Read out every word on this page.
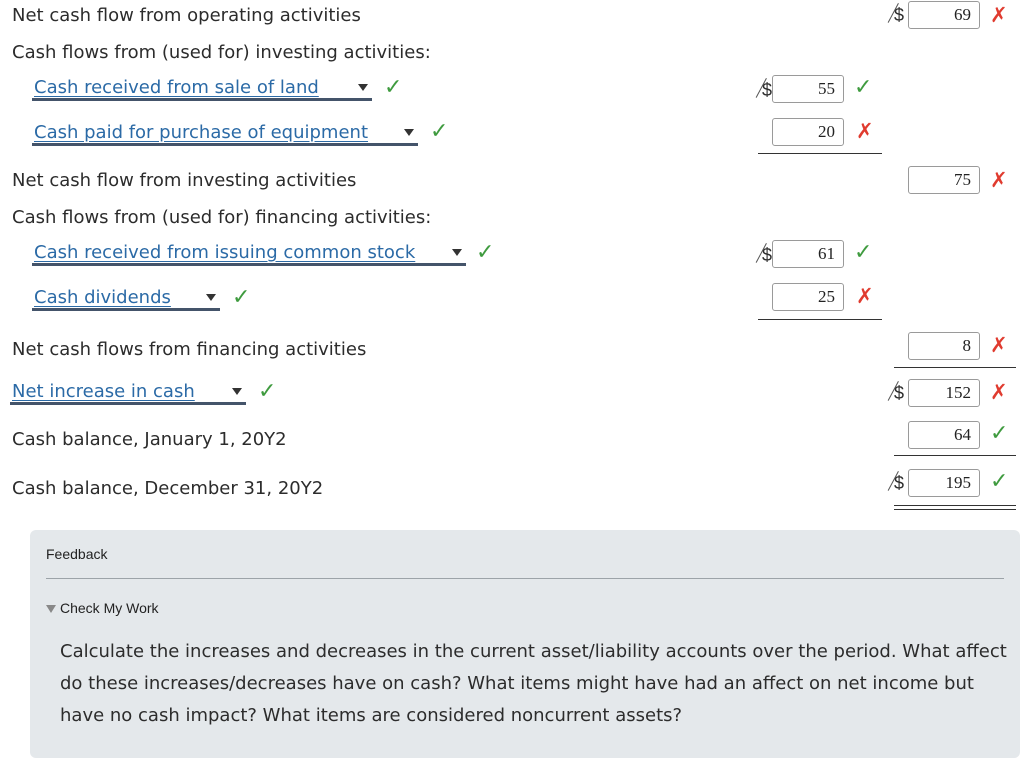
Net cash flow from operating activities	$	69 ✗
Cash flows from (used for) investing activities:
Cash received from sale of land	✓	$	55 ✓
Cash paid for purchase of equipment	✓	20	✗
Net cash flow from investing activities	75 ✗
Cash flows from (used for) financing activities:
Cash received from issuing common stock	✓	$	61 ✓
Cash dividends	✓	25	✗
Net cash flows from financing activities	8 ✗
Net increase in cash	✓	$	152 ✗
Cash balance, January 1, 20Y2	64 ✓
Cash balance, December 31, 20Y2	$	195 ✓
Feedback
Check My Work
Calculate the increases and decreases in the current asset/liability accounts over the period. What affect do these increases/decreases have on cash? What items might have had an affect on net income but have no cash impact? What items are considered noncurrent assets?
